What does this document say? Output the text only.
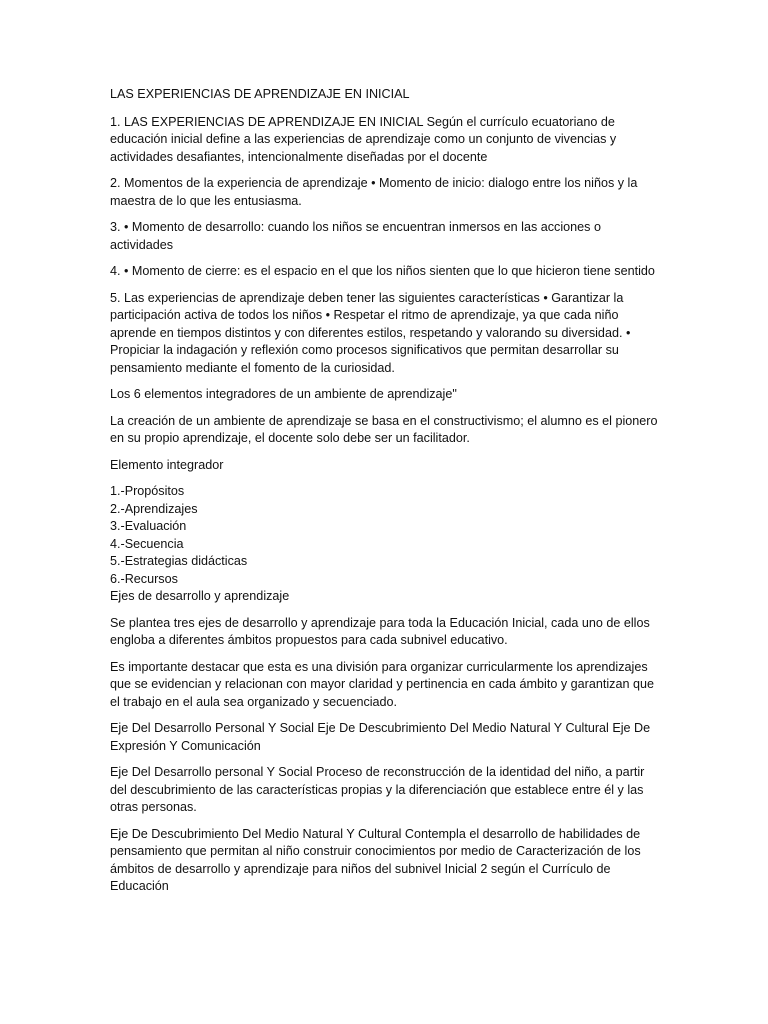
LAS EXPERIENCIAS DE APRENDIZAJE EN INICIAL

1. LAS EXPERIENCIAS DE APRENDIZAJE EN INICIAL Según el currículo ecuatoriano de educación inicial define a las experiencias de aprendizaje como un conjunto de vivencias y actividades desafiantes, intencionalmente diseñadas por el docente

2. Momentos de la experiencia de aprendizaje • Momento de inicio: dialogo entre los niños y la maestra de lo que les entusiasma.

3. • Momento de desarrollo: cuando los niños se encuentran inmersos en las acciones o actividades

4. • Momento de cierre: es el espacio en el que los niños sienten que lo que hicieron tiene sentido

5. Las experiencias de aprendizaje deben tener las siguientes características • Garantizar la participación activa de todos los niños • Respetar el ritmo de aprendizaje, ya que cada niño aprende en tiempos distintos y con diferentes estilos, respetando y valorando su diversidad. • Propiciar la indagación y reflexión como procesos significativos que permitan desarrollar su pensamiento mediante el fomento de la curiosidad.

Los 6 elementos integradores de un ambiente de aprendizaje"

La creación de un ambiente de aprendizaje se basa en el constructivismo; el alumno es el pionero en su propio aprendizaje, el docente solo debe ser un facilitador.

Elemento integrador

1.-Propósitos
2.-Aprendizajes
3.-Evaluación
4.-Secuencia
5.-Estrategias didácticas
6.-Recursos

Ejes de desarrollo y aprendizaje

Se plantea tres ejes de desarrollo y aprendizaje para toda la Educación Inicial, cada uno de ellos engloba a diferentes ámbitos propuestos para cada subnivel educativo.

Es importante destacar que esta es una división para organizar curricularmente los aprendizajes que se evidencian y relacionan con mayor claridad y pertinencia en cada ámbito y garantizan que el trabajo en el aula sea organizado y secuenciado.

Eje Del Desarrollo Personal Y Social Eje De Descubrimiento Del Medio Natural Y Cultural Eje De Expresión Y Comunicación

Eje Del Desarrollo personal Y Social Proceso de reconstrucción de la identidad del niño, a partir del descubrimiento de las características propias y la diferenciación que establece entre él y las otras personas.

Eje De Descubrimiento Del Medio Natural Y Cultural Contempla el desarrollo de habilidades de pensamiento que permitan al niño construir conocimientos por medio de Caracterización de los ámbitos de desarrollo y aprendizaje para niños del subnivel Inicial 2 según el Currículo de Educación
